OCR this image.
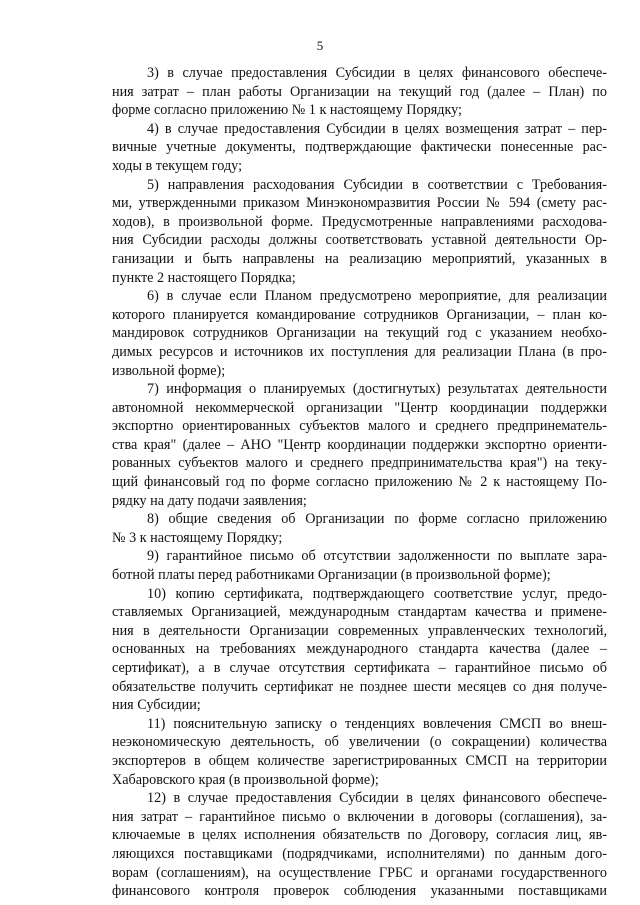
5
3) в случае предоставления Субсидии в целях финансового обеспече-
ния затрат – план работы Организации на текущий год (далее – План) по
форме согласно приложению № 1 к настоящему Порядку;
4) в случае предоставления Субсидии в целях возмещения затрат – пер-
вичные учетные документы, подтверждающие фактически понесенные рас-
ходы в текущем году;
5) направления расходования Субсидии в соответствии с Требования-
ми, утвержденными приказом Минэкономразвития России № 594 (смету рас-
ходов), в произвольной форме. Предусмотренные направлениями расходова-
ния Субсидии расходы должны соответствовать уставной деятельности Ор-
ганизации и быть направлены на реализацию мероприятий, указанных в
пункте 2 настоящего Порядка;
6) в случае если Планом предусмотрено мероприятие, для реализации
которого планируется командирование сотрудников Организации, – план ко-
мандировок сотрудников Организации на текущий год с указанием необхо-
димых ресурсов и источников их поступления для реализации Плана (в про-
извольной форме);
7) информация о планируемых (достигнутых) результатах деятельности
автономной некоммерческой организации "Центр координации поддержки
экспортно ориентированных субъектов малого и среднего предпринематель-
ства края" (далее – АНО "Центр координации поддержки экспортно ориенти-
рованных субъектов малого и среднего предпринимательства края") на теку-
щий финансовый год по форме согласно приложению № 2 к настоящему По-
рядку на дату подачи заявления;
8) общие сведения об Организации по форме согласно приложению
№ 3 к настоящему Порядку;
9) гарантийное письмо об отсутствии задолженности по выплате зара-
ботной платы перед работниками Организации (в произвольной форме);
10) копию сертификата, подтверждающего соответствие услуг, предо-
ставляемых Организацией, международным стандартам качества и примене-
ния в деятельности Организации современных управленческих технологий,
основанных на требованиях международного стандарта качества (далее –
сертификат), а в случае отсутствия сертификата – гарантийное письмо об
обязательстве получить сертификат не позднее шести месяцев со дня получе-
ния Субсидии;
11) пояснительную записку о тенденциях вовлечения СМСП во внеш-
неэкономическую деятельность, об увеличении (о сокращении) количества
экспортеров в общем количестве зарегистрированных СМСП на территории
Хабаровского края (в произвольной форме);
12) в случае предоставления Субсидии в целях финансового обеспече-
ния затрат – гарантийное письмо о включении в договоры (соглашения), за-
ключаемые в целях исполнения обязательств по Договору, согласия лиц, яв-
ляющихся поставщиками (подрядчиками, исполнителями) по данным дого-
ворам (соглашениям), на осуществление ГРБС и органами государственного
финансового контроля проверок соблюдения указанными поставщиками
